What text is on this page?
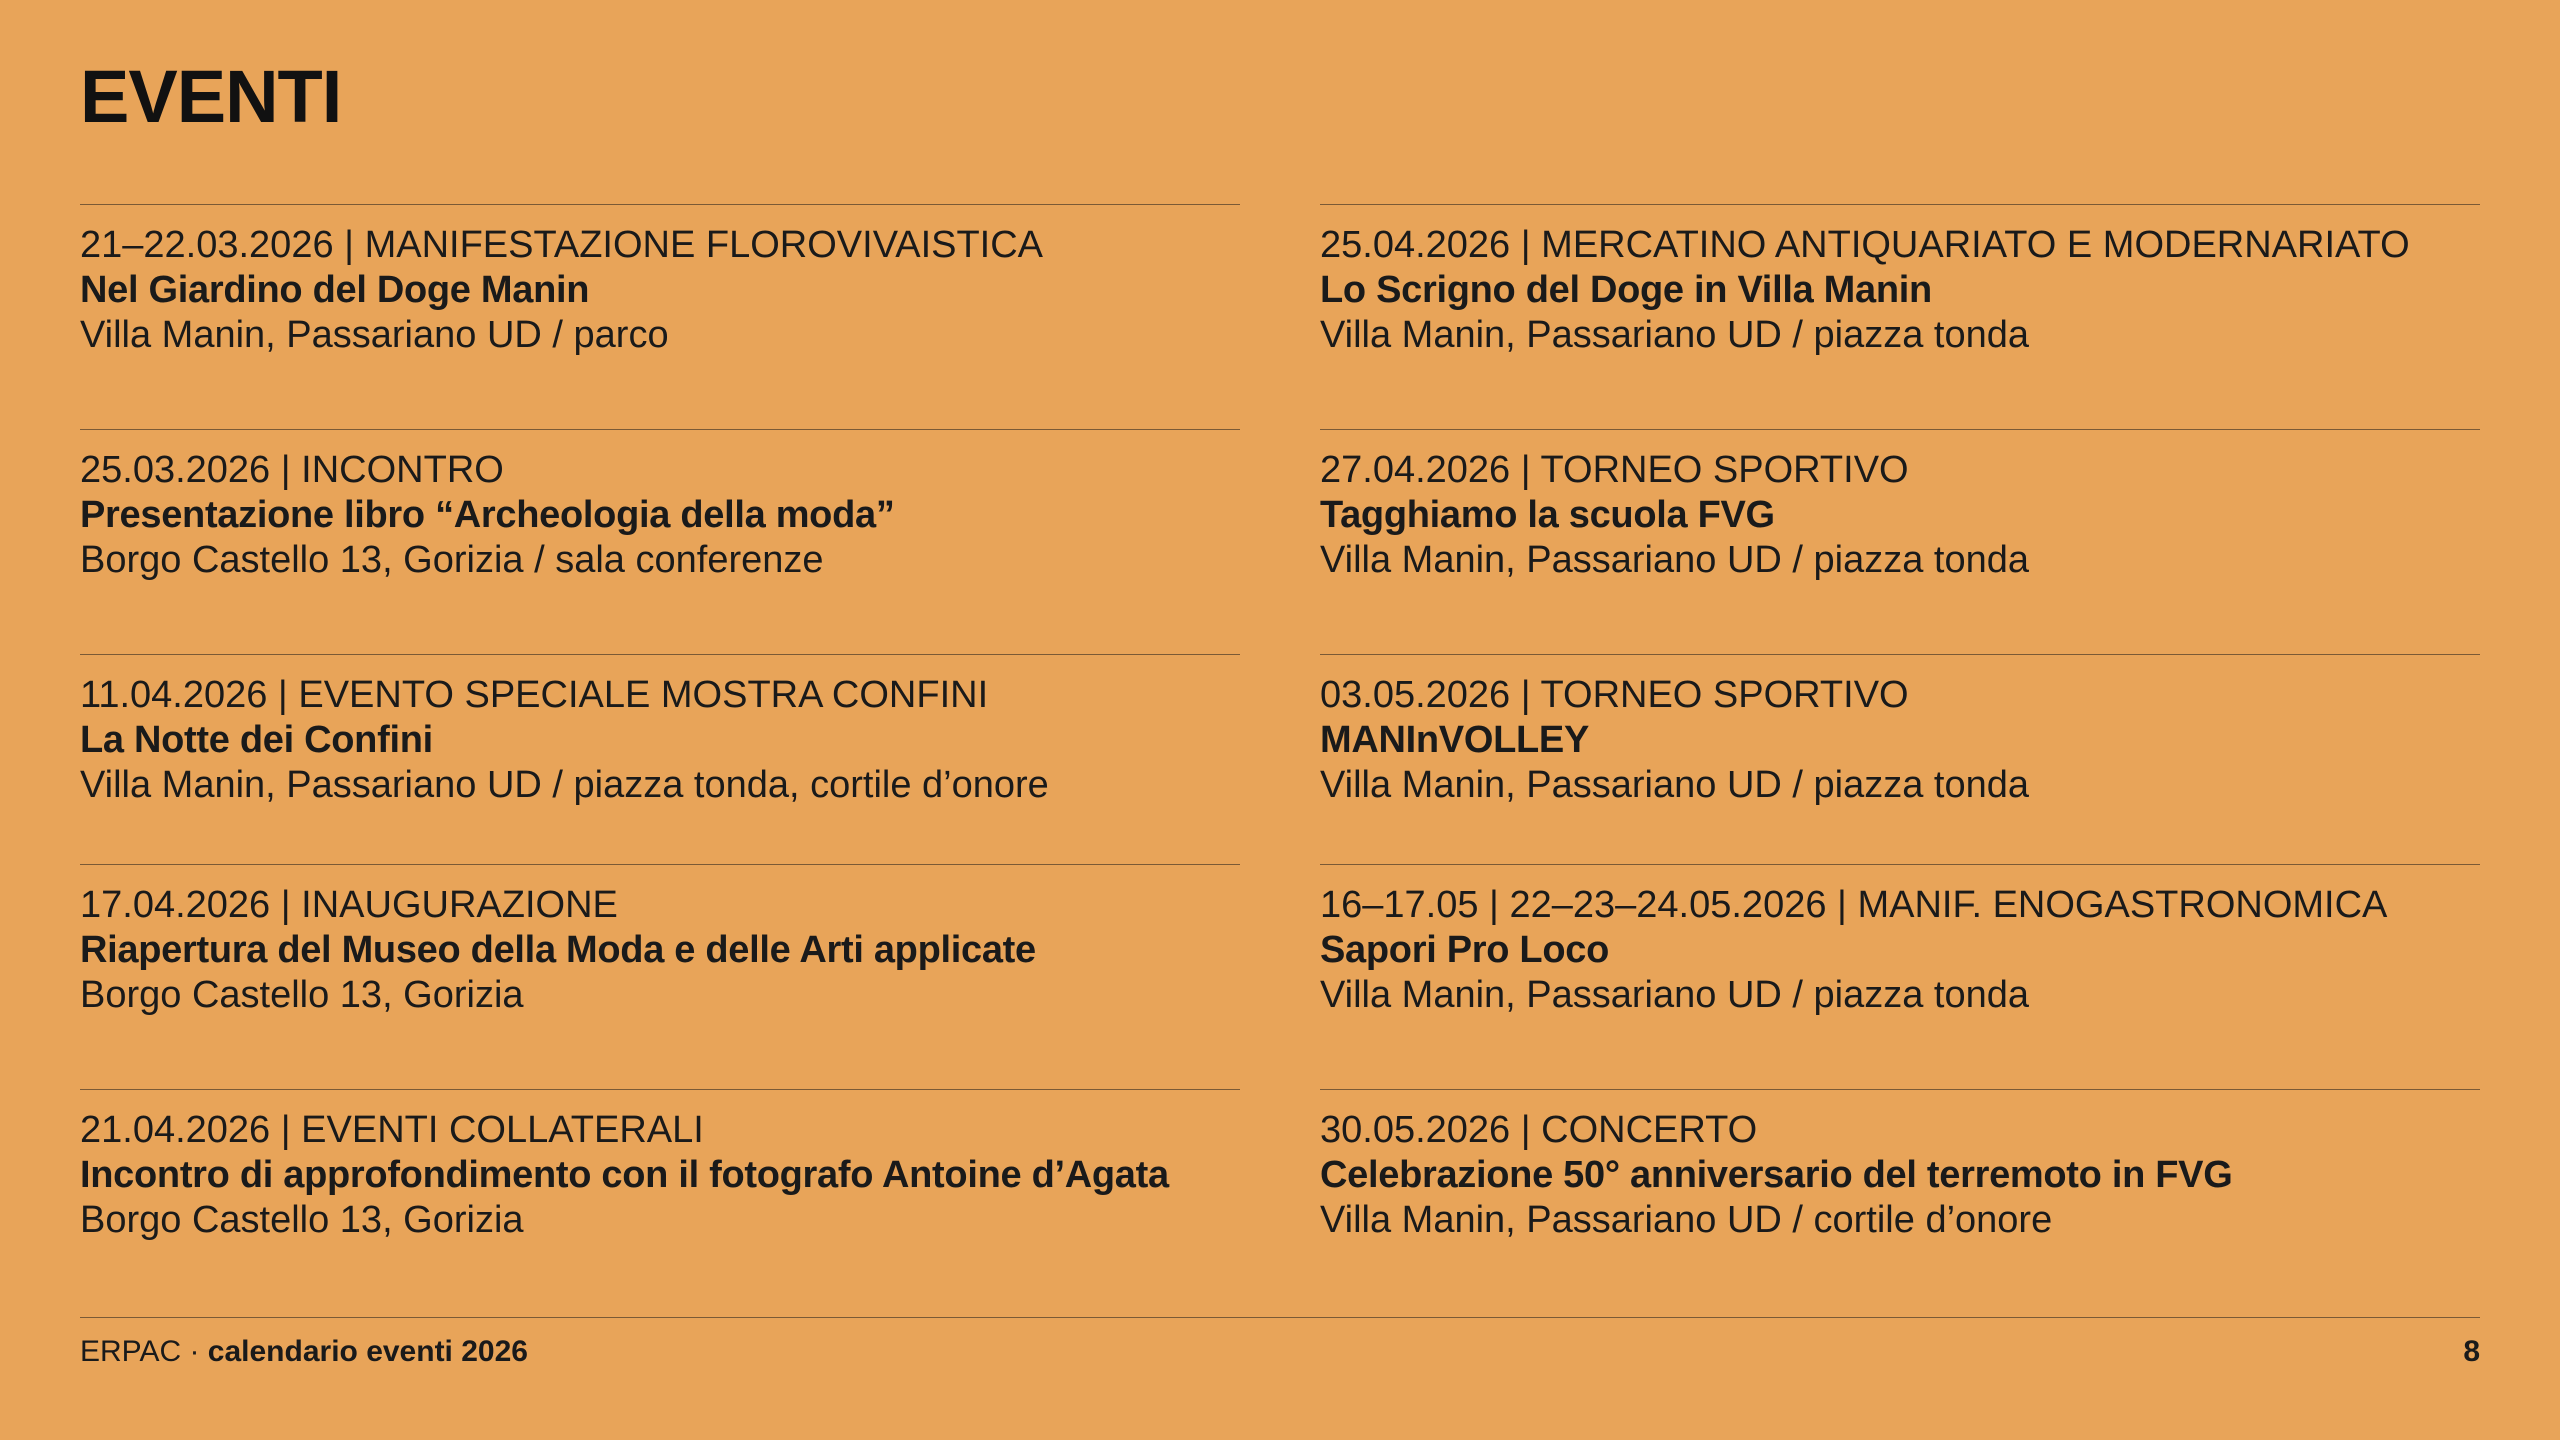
EVENTI
21–22.03.2026 | MANIFESTAZIONE FLOROVIVAISTICA
Nel Giardino del Doge Manin
Villa Manin, Passariano UD / parco
25.03.2026 | INCONTRO
Presentazione libro “Archeologia della moda”
Borgo Castello 13, Gorizia / sala conferenze
11.04.2026 | EVENTO SPECIALE MOSTRA CONFINI
La Notte dei Confini
Villa Manin, Passariano UD / piazza tonda, cortile d’onore
17.04.2026 | INAUGURAZIONE
Riapertura del Museo della Moda e delle Arti applicate
Borgo Castello 13, Gorizia
21.04.2026 | EVENTI COLLATERALI
Incontro di approfondimento con il fotografo Antoine d’Agata
Borgo Castello 13, Gorizia
25.04.2026 | MERCATINO ANTIQUARIATO E MODERNARIATO
Lo Scrigno del Doge in Villa Manin
Villa Manin, Passariano UD / piazza tonda
27.04.2026 | TORNEO SPORTIVO
Tagghiamo la scuola FVG
Villa Manin, Passariano UD / piazza tonda
03.05.2026 | TORNEO SPORTIVO
MANInVOLLEY
Villa Manin, Passariano UD / piazza tonda
16–17.05 | 22–23–24.05.2026 | MANIF. ENOGASTRONOMICA
Sapori Pro Loco
Villa Manin, Passariano UD / piazza tonda
30.05.2026 | CONCERTO
Celebrazione 50° anniversario del terremoto in FVG
Villa Manin, Passariano UD / cortile d’onore
ERPAC · calendario eventi 2026	8
